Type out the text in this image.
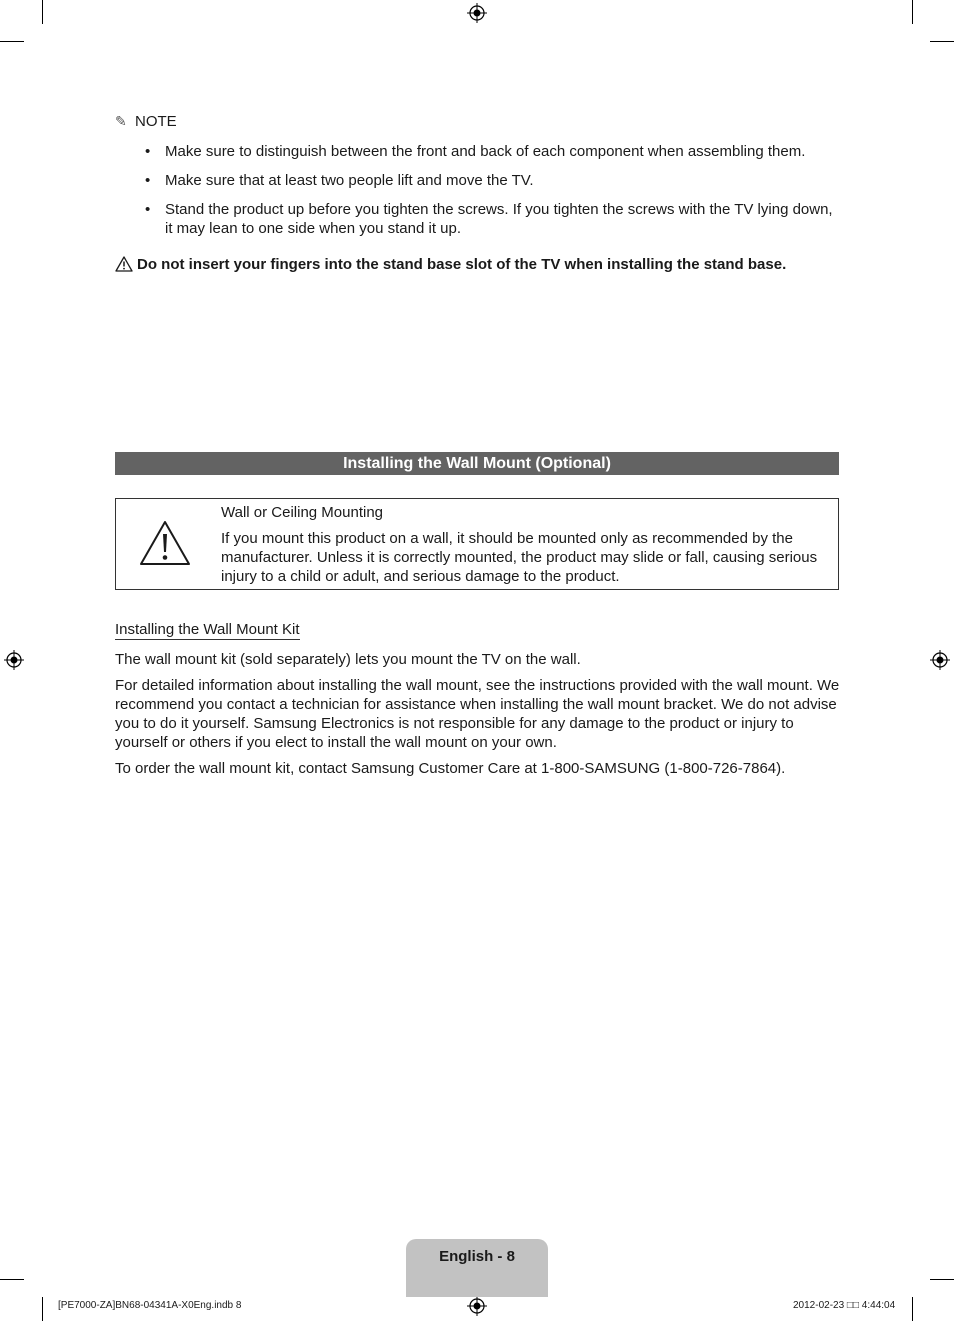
✎ NOTE
• Make sure to distinguish between the front and back of each component when assembling them.
• Make sure that at least two people lift and move the TV.
• Stand the product up before you tighten the screws. If you tighten the screws with the TV lying down, it may lean to one side when you stand it up.
Do not insert your fingers into the stand base slot of the TV when installing the stand base.
Installing the Wall Mount (Optional)
Wall or Ceiling Mounting
If you mount this product on a wall, it should be mounted only as recommended by the manufacturer. Unless it is correctly mounted, the product may slide or fall, causing serious injury to a child or adult, and serious damage to the product.
Installing the Wall Mount Kit
The wall mount kit (sold separately) lets you mount the TV on the wall.
For detailed information about installing the wall mount, see the instructions provided with the wall mount. We recommend you contact a technician for assistance when installing the wall mount bracket. We do not advise you to do it yourself. Samsung Electronics is not responsible for any damage to the product or injury to yourself or others if you elect to install the wall mount on your own.
To order the wall mount kit, contact Samsung Customer Care at 1-800-SAMSUNG (1-800-726-7864).
English - 8
[PE7000-ZA]BN68-04341A-X0Eng.indb 8	2012-02-23 □□ 4:44:04
